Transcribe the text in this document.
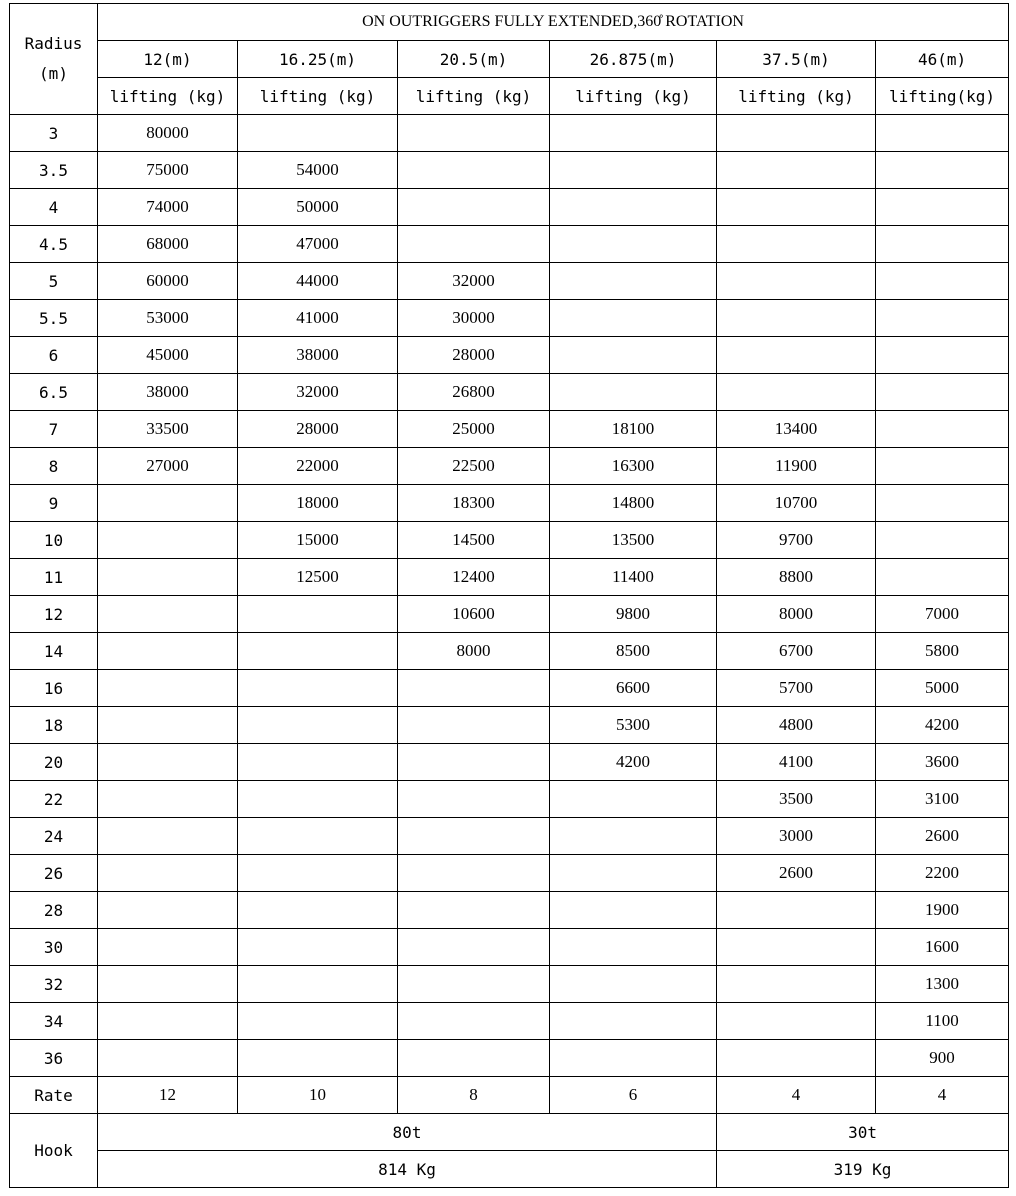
Radius
(m)	ON OUTRIGGERS FULLY EXTENDED,360̊ ROTATION					
	12(m)	16.25(m)	20.5(m)	26.875(m)	37.5(m)	46(m)
	lifting (kg)	lifting (kg)	lifting (kg)	lifting (kg)	lifting (kg)	lifting(kg)
3	80000					
3.5	75000	54000				
4	74000	50000				
4.5	68000	47000				
5	60000	44000	32000			
5.5	53000	41000	30000			
6	45000	38000	28000			
6.5	38000	32000	26800			
7	33500	28000	25000	18100	13400	
8	27000	22000	22500	16300	11900	
9		18000	18300	14800	10700	
10		15000	14500	13500	9700	
11		12500	12400	11400	8800	
12			10600	9800	8000	7000
14			8000	8500	6700	5800
16				6600	5700	5000
18				5300	4800	4200
20				4200	4100	3600
22					3500	3100
24					3000	2600
26					2600	2200
28						1900
30						1600
32						1300
34						1100
36						900
Rate	12	10	8	6	4	4
Hook	80t				30t	
	814 Kg				319 Kg	
